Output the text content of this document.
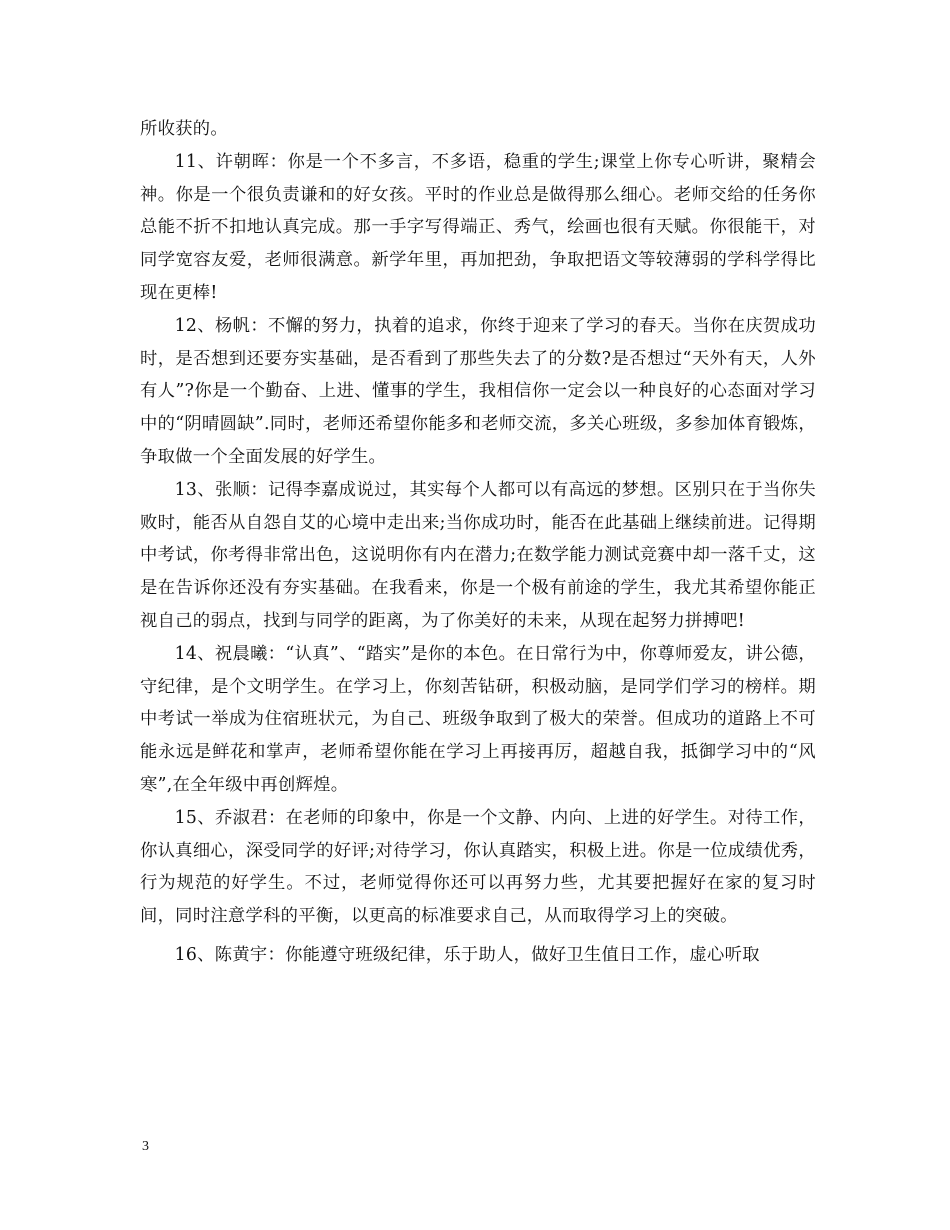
所收获的。

11、许朝晖：你是一个不多言，不多语，稳重的学生;课堂上你专心听讲，聚精会神。你是一个很负责谦和的好女孩。平时的作业总是做得那么细心。老师交给的任务你总能不折不扣地认真完成。那一手字写得端正、秀气，绘画也很有天赋。你很能干，对同学宽容友爱，老师很满意。新学年里，再加把劲，争取把语文等较薄弱的学科学得比现在更棒!

12、杨帆：不懈的努力，执着的追求，你终于迎来了学习的春天。当你在庆贺成功时，是否想到还要夯实基础，是否看到了那些失去了的分数?是否想过“天外有天，人外有人”?你是一个勤奋、上进、懂事的学生，我相信你一定会以一种良好的心态面对学习中的“阴晴圆缺”.同时，老师还希望你能多和老师交流，多关心班级，多参加体育锻炼，争取做一个全面发展的好学生。

13、张顺：记得李嘉成说过，其实每个人都可以有高远的梦想。区别只在于当你失败时，能否从自怨自艾的心境中走出来;当你成功时，能否在此基础上继续前进。记得期中考试，你考得非常出色，这说明你有内在潜力;在数学能力测试竞赛中却一落千丈，这是在告诉你还没有夯实基础。在我看来，你是一个极有前途的学生，我尤其希望你能正视自己的弱点，找到与同学的距离，为了你美好的未来，从现在起努力拼搏吧!

14、祝晨曦：“认真”、“踏实”是你的本色。在日常行为中，你尊师爱友，讲公德，守纪律，是个文明学生。在学习上，你刻苦钻研，积极动脑，是同学们学习的榜样。期中考试一举成为住宿班状元，为自己、班级争取到了极大的荣誉。但成功的道路上不可能永远是鲜花和掌声，老师希望你能在学习上再接再厉，超越自我，抵御学习中的“风寒”,在全年级中再创辉煌。

15、乔淑君：在老师的印象中，你是一个文静、内向、上进的好学生。对待工作，你认真细心，深受同学的好评;对待学习，你认真踏实，积极上进。你是一位成绩优秀，行为规范的好学生。不过，老师觉得你还可以再努力些，尤其要把握好在家的复习时间，同时注意学科的平衡，以更高的标准要求自己，从而取得学习上的突破。

16、陈黄宇：你能遵守班级纪律，乐于助人，做好卫生值日工作，虚心听取

3
